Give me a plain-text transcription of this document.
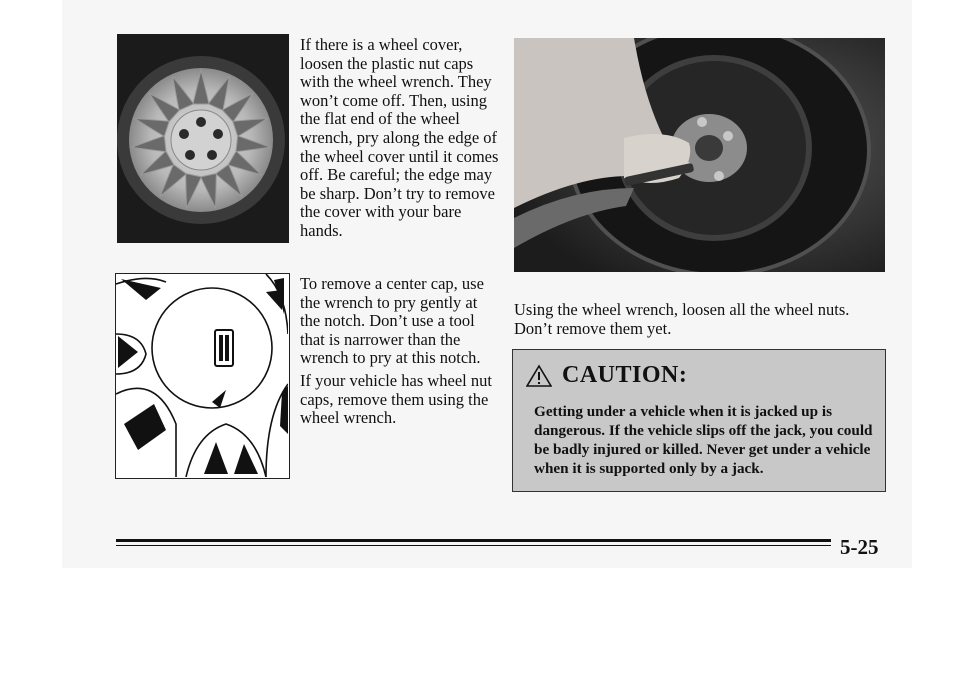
If there is a wheel cover, loosen the plastic nut caps with the wheel wrench. They won’t come off. Then, using the flat end of the wheel wrench, pry along the edge of the wheel cover until it comes off. Be careful; the edge may be sharp. Don’t try to remove the cover with your bare hands.

To remove a center cap, use the wrench to pry gently at the notch. Don’t use a tool that is narrower than the wrench to pry at this notch.

If your vehicle has wheel nut caps, remove them using the wheel wrench.

Using the wheel wrench, loosen all the wheel nuts. Don’t remove them yet.

CAUTION:
Getting under a vehicle when it is jacked up is dangerous. If the vehicle slips off the jack, you could be badly injured or killed. Never get under a vehicle when it is supported only by a jack.
5-25
